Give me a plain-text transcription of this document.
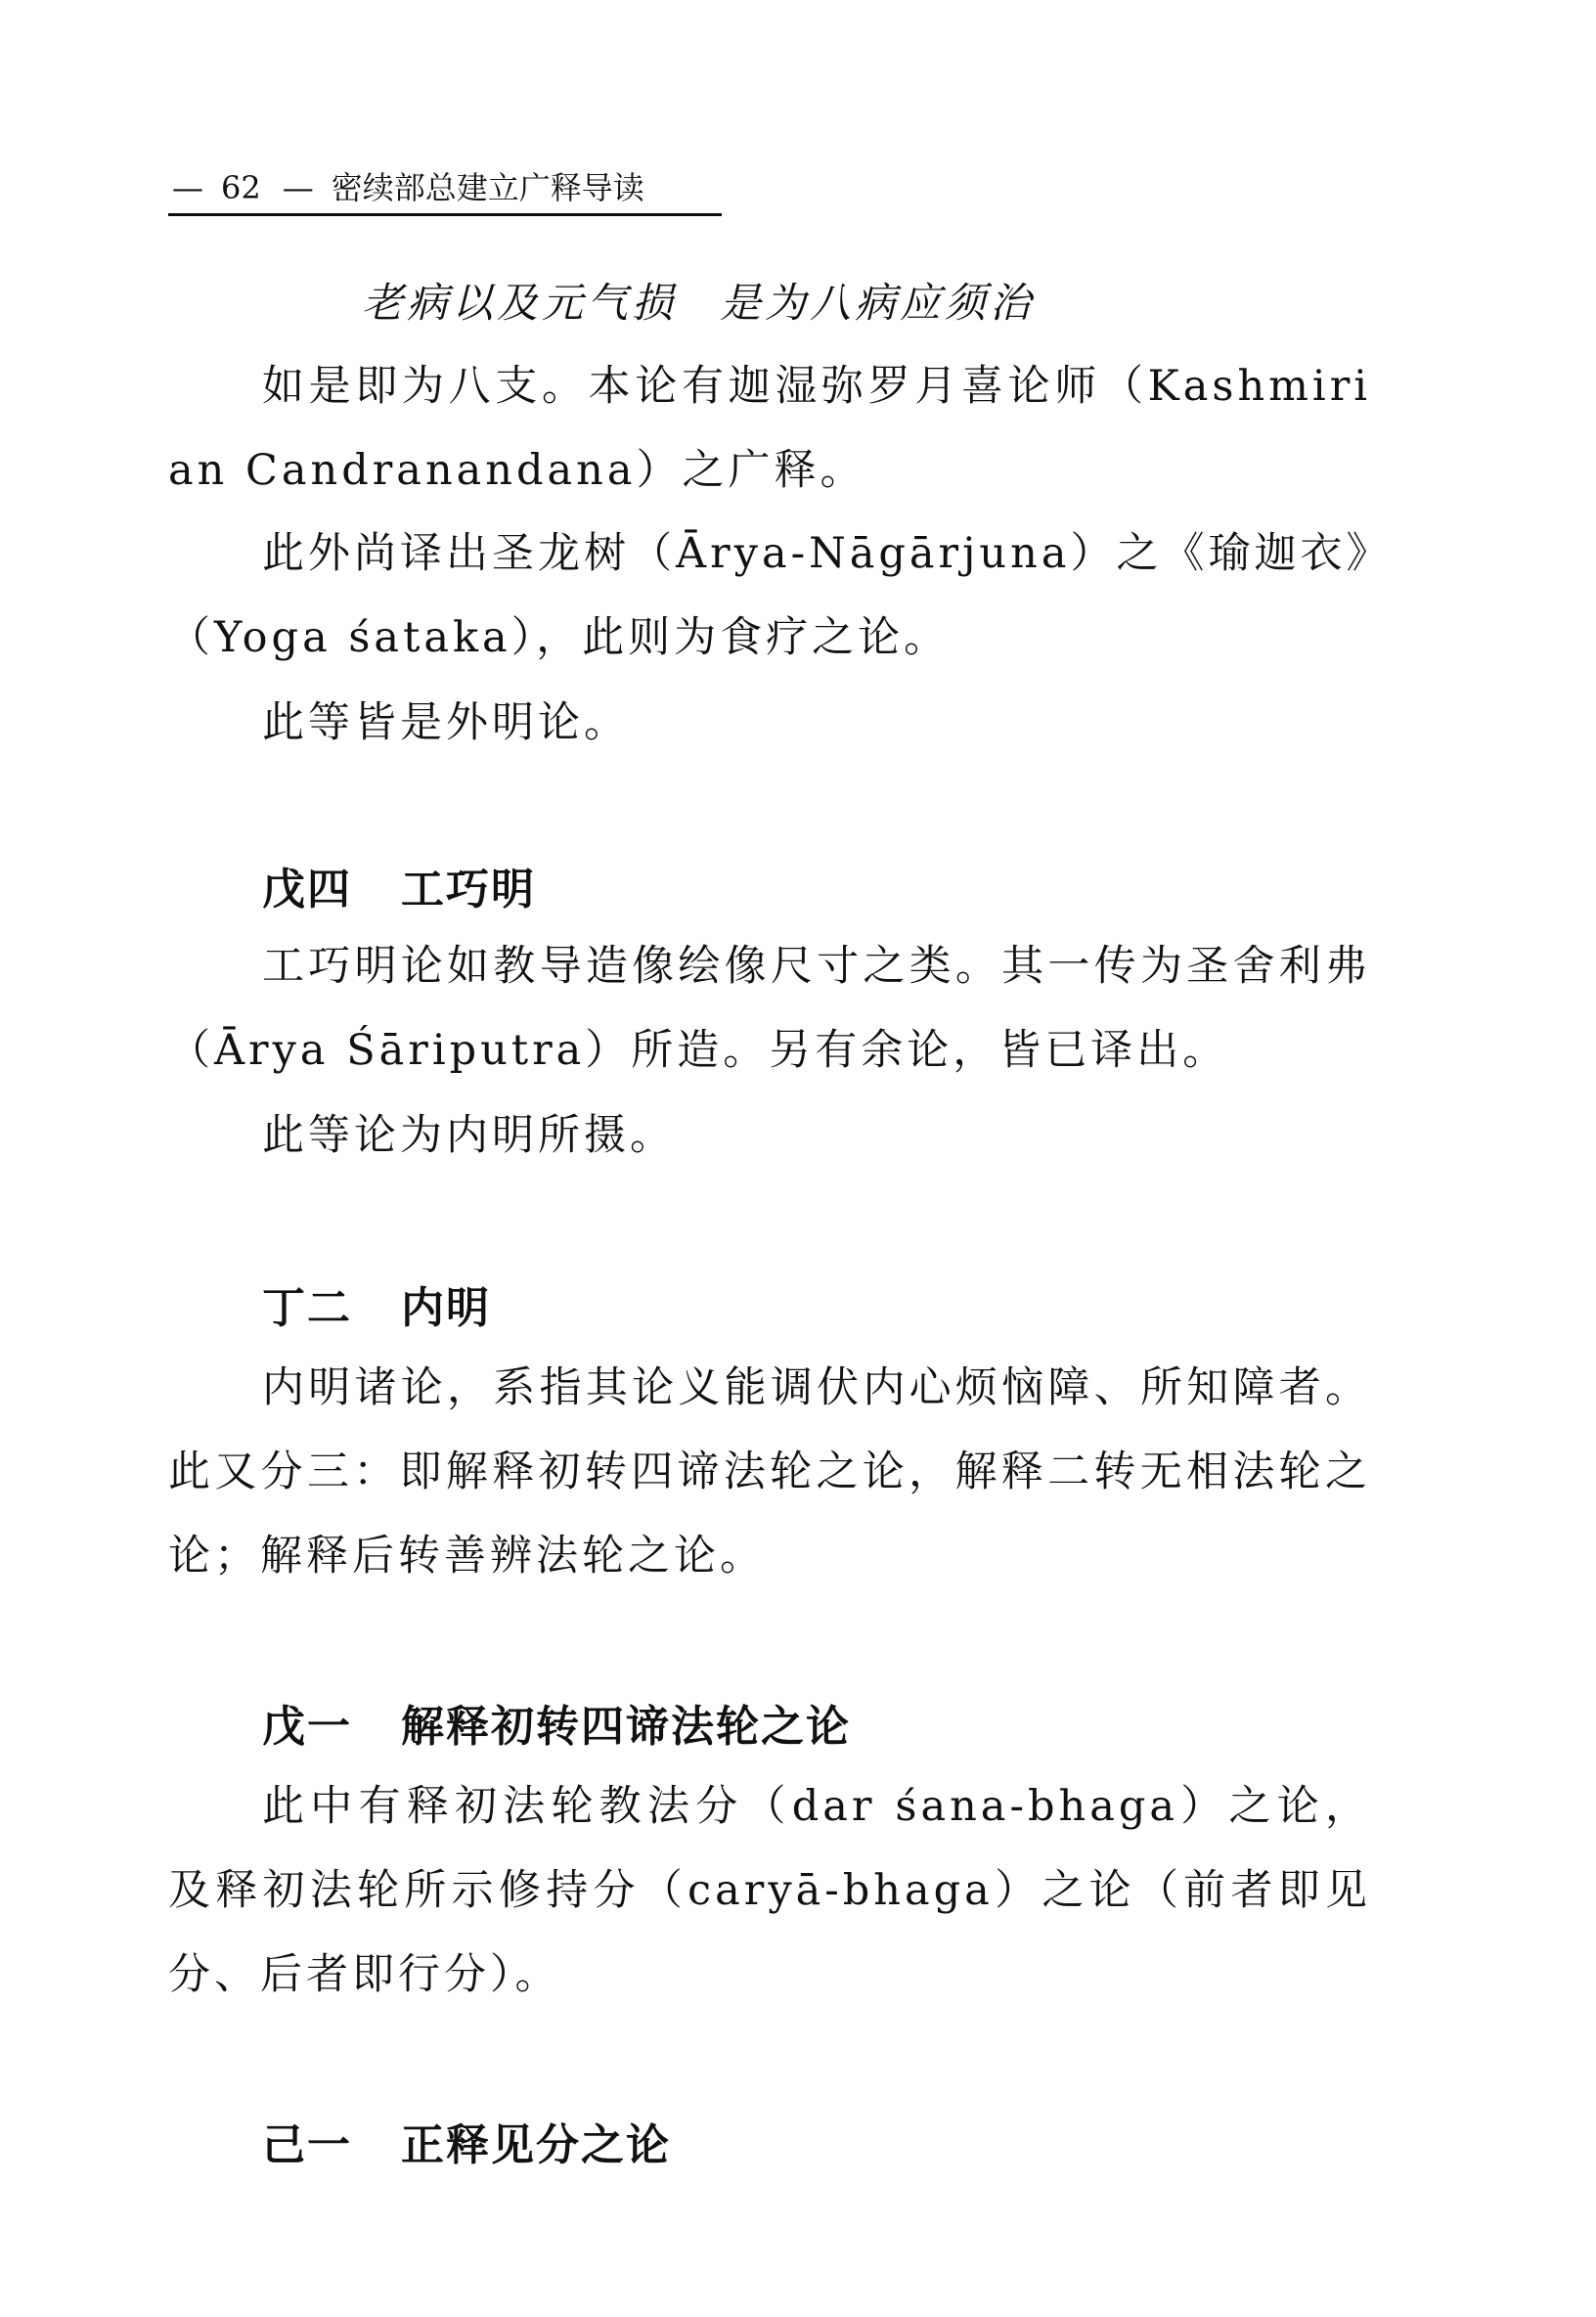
— 62 — 密续部总建立广释导读
老病以及元气损 是为八病应须治

如是即为八支。本论有迦湿弥罗月喜论师（Kashmirian Candranandana）之广释。

此外尚译出圣龙树（Ārya-Nāgārjuna）之《瑜迦衣》（Yoga śataka），此则为食疗之论。

此等皆是外明论。

戊四 工巧明

工巧明论如教导造像绘像尺寸之类。其一传为圣舍利弗（Ārya Śāriputra）所造。另有余论，皆已译出。

此等论为内明所摄。

丁二 内明

内明诸论，系指其论义能调伏内心烦恼障、所知障者。此又分三：即解释初转四谛法轮之论，解释二转无相法轮之论；解释后转善辨法轮之论。

戊一 解释初转四谛法轮之论

此中有释初法轮教法分（dar śana-bhaga）之论，及释初法轮所示修持分（caryā-bhaga）之论（前者即见分、后者即行分）。

己一 正释见分之论
